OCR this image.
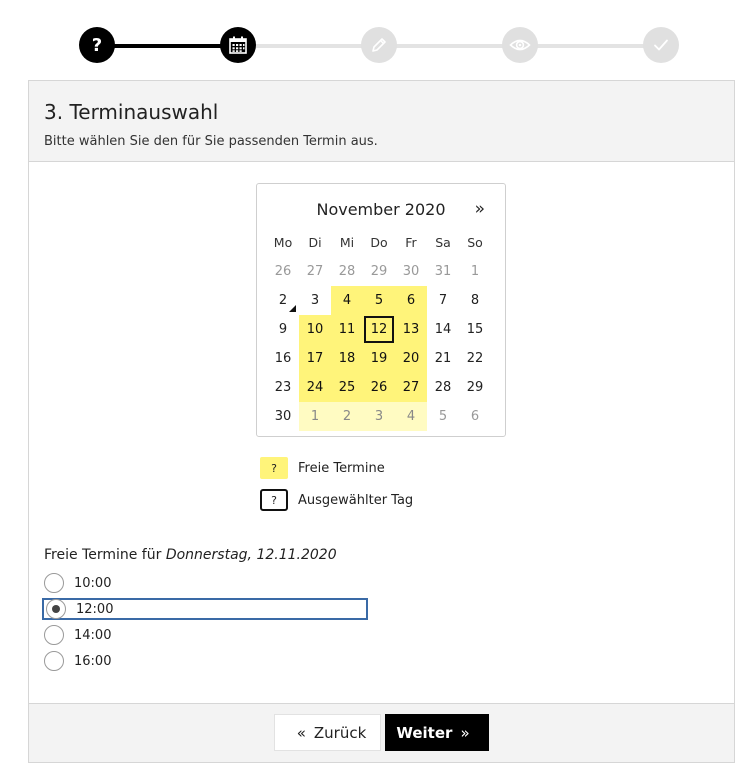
?
3. Terminauswahl
Bitte wählen Sie den für Sie passenden Termin aus.
November 2020	»
Mo	Di	Mi	Do	Fr	Sa	So
26	27	28	29	30	31	1
2	3	4	5	6	7	8
9	10	11	12	13	14	15
16	17	18	19	20	21	22
23	24	25	26	27	28	29
30	1	2	3	4	5	6
?	Freie Termine
?	Ausgewählter Tag
Freie Termine für Donnerstag, 12.11.2020
10:00
12:00
14:00
16:00
« Zurück Weiter »
